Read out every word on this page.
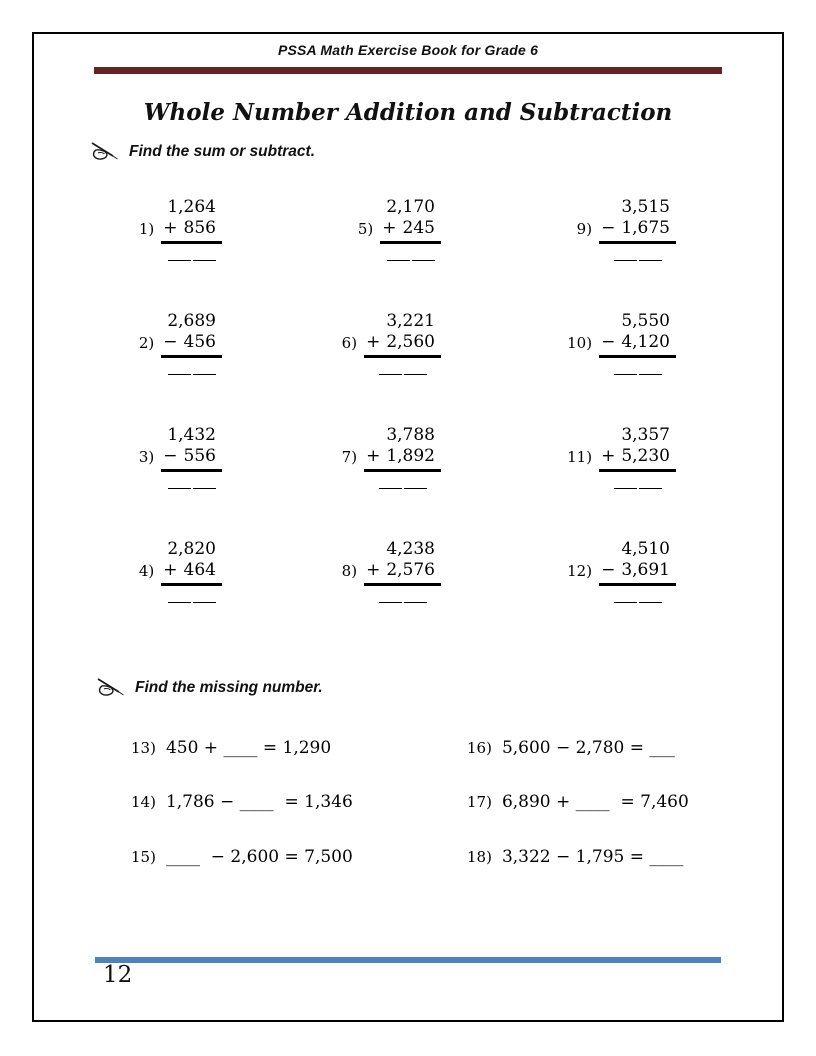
PSSA Math Exercise Book for Grade 6
Whole Number Addition and Subtraction
Find the sum or subtract.
1)
1,264
+ 856
2)
2,689
− 456
3)
1,432
− 556
4)
2,820
+ 464
5)
2,170
+ 245
6)
3,221
+ 2,560
7)
3,788
+ 1,892
8)
4,238
+ 2,576
9)
3,515
− 1,675
10)
5,550
− 4,120
11)
3,357
+ 5,230
12)
4,510
− 3,691
Find the missing number.
13) 450 + ____ = 1,290
14) 1,786 − ____  = 1,346
15) ____  − 2,600 = 7,500
16) 5,600 − 2,780 = ___
17) 6,890 + ____  = 7,460
18) 3,322 − 1,795 = ____
12
